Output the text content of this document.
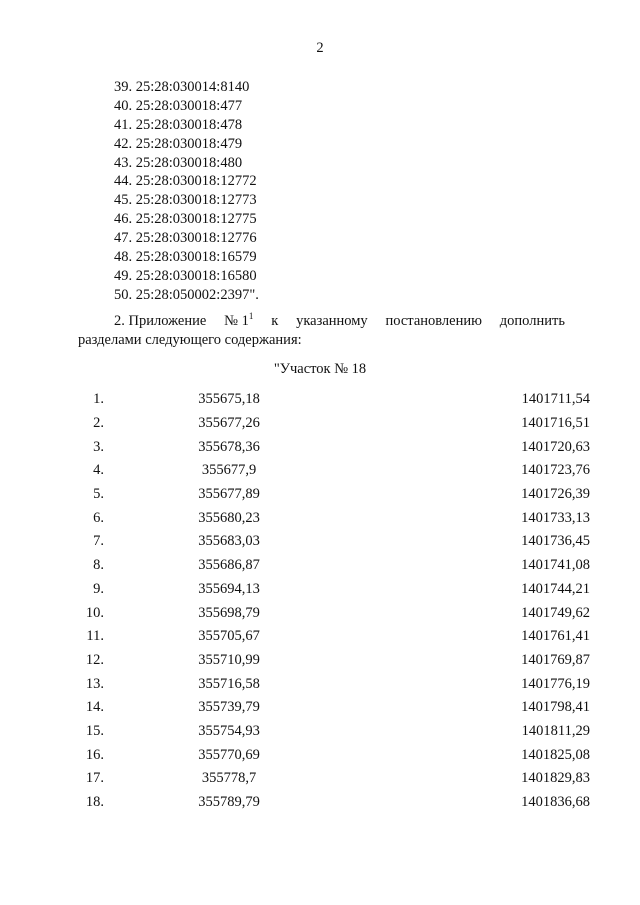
2
39. 25:28:030014:8140
40. 25:28:030018:477
41. 25:28:030018:478
42. 25:28:030018:479
43. 25:28:030018:480
44. 25:28:030018:12772
45. 25:28:030018:12773
46. 25:28:030018:12775
47. 25:28:030018:12776
48. 25:28:030018:16579
49. 25:28:030018:16580
50. 25:28:050002:2397".
2. Приложение № $1^1$ к указанному постановлению дополнить
разделами следующего содержания:
"Участок № 18
1.	355675,18	1401711,54	
2.	355677,26	1401716,51	
3.	355678,36	1401720,63	
4.	355677,9	1401723,76	
5.	355677,89	1401726,39	
6.	355680,23	1401733,13	
7.	355683,03	1401736,45	
8.	355686,87	1401741,08	
9.	355694,13	1401744,21	
10.	355698,79	1401749,62	
11.	355705,67	1401761,41	
12.	355710,99	1401769,87	
13.	355716,58	1401776,19	
14.	355739,79	1401798,41	
15.	355754,93	1401811,29	
16.	355770,69	1401825,08	
17.	355778,7	1401829,83	
18.	355789,79	1401836,68	
